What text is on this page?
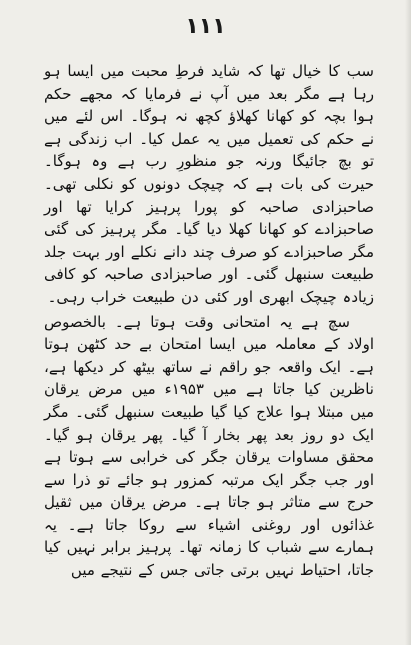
۱۱۱

سب کا خیال تھا کہ شاید فرطِ محبت میں ایسا ہو رہا ہے مگر بعد میں آپ نے فرمایا کہ مجھے حکم ہوا بچہ کو کھانا کھلاؤ کچھ نہ ہوگا۔ اس لئے میں نے حکم کی تعمیل میں یہ عمل کیا۔ اب زندگی ہے تو بچ جائیگا ورنہ جو منظورِ رب ہے وہ ہوگا۔ حیرت کی بات ہے کہ چیچک دونوں کو نکلی تھی۔ صاحبزادی صاحبہ کو پورا پرہیز کرایا تھا اور صاحبزادے کو کھانا کھلا دیا گیا۔ مگر پرہیز کی گئی مگر صاحبزادے کو صرف چند دانے نکلے اور بہت جلد طبیعت سنبھل گئی۔ اور صاحبزادی صاحبہ کو کافی زیادہ چیچک ابھری اور کئی دن طبیعت خراب رہی۔

سچ ہے یہ امتحانی وقت ہوتا ہے۔ بالخصوص اولاد کے معاملہ میں ایسا امتحان بے حد کٹھن ہوتا ہے۔ ایک واقعہ جو راقم نے ساتھ بیٹھ کر دیکھا ہے، ناظرین کیا جاتا ہے میں ۱۹۵۳ء میں مرض یرقان میں مبتلا ہوا علاج کیا گیا طبیعت سنبھل گئی۔ مگر ایک دو روز بعد پھر بخار آ گیا۔ پھر یرقان ہو گیا۔ محقق مساوات یرقان جگر کی خرابی سے ہوتا ہے اور جب جگر ایک مرتبہ کمزور ہو جائے تو ذرا سے حرج سے متاثر ہو جاتا ہے۔ مرض یرقان میں ثقیل غذائوں اور روغنی اشیاء سے روکا جاتا ہے۔ یہ ہمارے سے شباب کا زمانہ تھا۔ پرہیز برابر نہیں کیا جاتا، احتیاط نہیں برتی جاتی جس کے نتیجے میں
